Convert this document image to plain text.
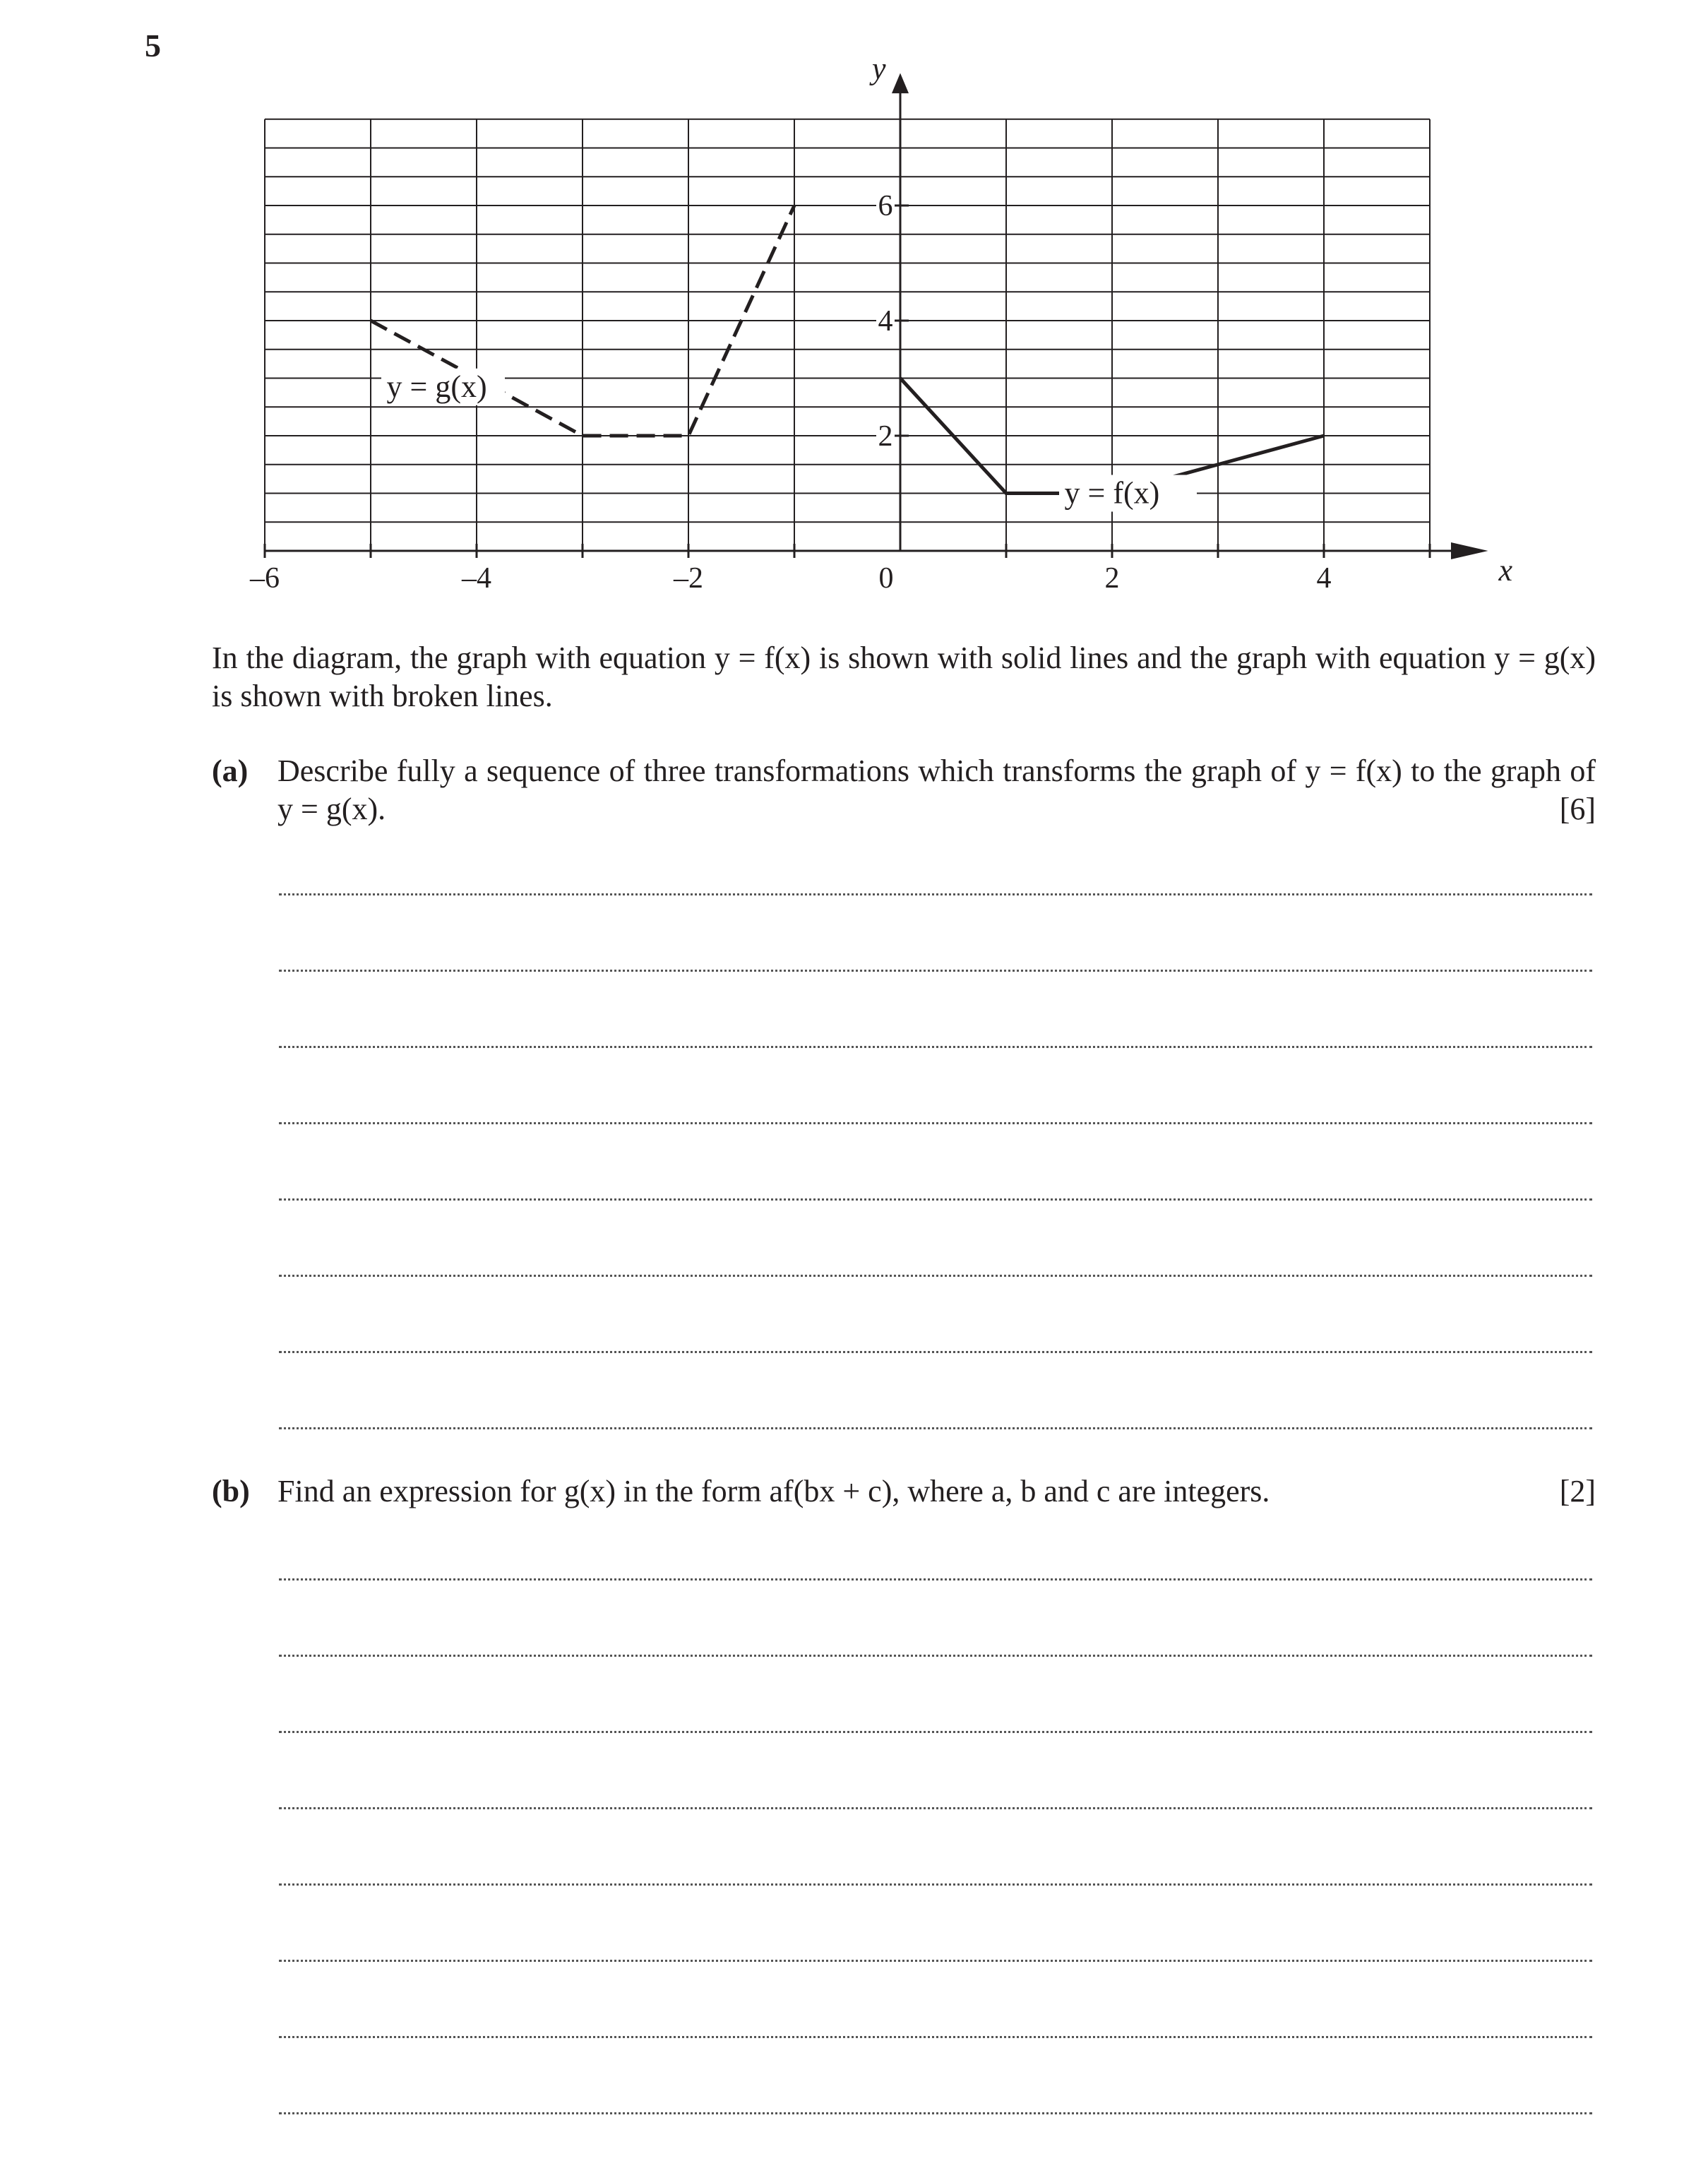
5
–6	–4	–2	0	2	4
6
4
2
x
y
y = f(x)
y = g(x)
In the diagram, the graph with equation y = f(x) is shown with solid lines and the graph with equation y = g(x) is shown with broken lines.
(a) Describe fully a sequence of three transformations which transforms the graph of y = f(x) to the graph of y = g(x).	[6]
(b) Find an expression for g(x) in the form af(bx + c), where a, b and c are integers.	[2]
